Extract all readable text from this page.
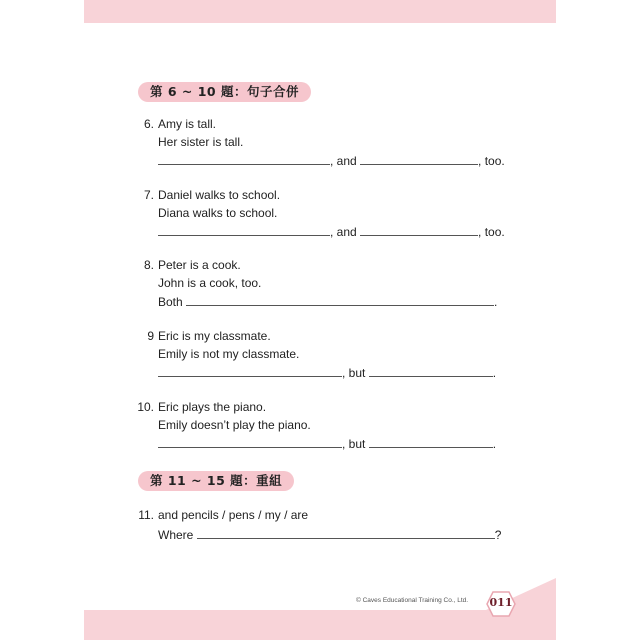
第 6 ~ 10 題：句子合併
6. Amy is tall.
Her sister is tall.
, and	, too.
7. Daniel walks to school.
Diana walks to school.
, and	, too.
8. Peter is a cook.
John is a cook, too.
Both	.
9 Eric is my classmate.
Emily is not my classmate.
, but	.
10. Eric plays the piano.
Emily doesn’t play the piano.
, but	.
第 11 ~ 15 題：重組
11. and pencils / pens / my / are
Where	?
© Caves Educational Training Co., Ltd. 011
